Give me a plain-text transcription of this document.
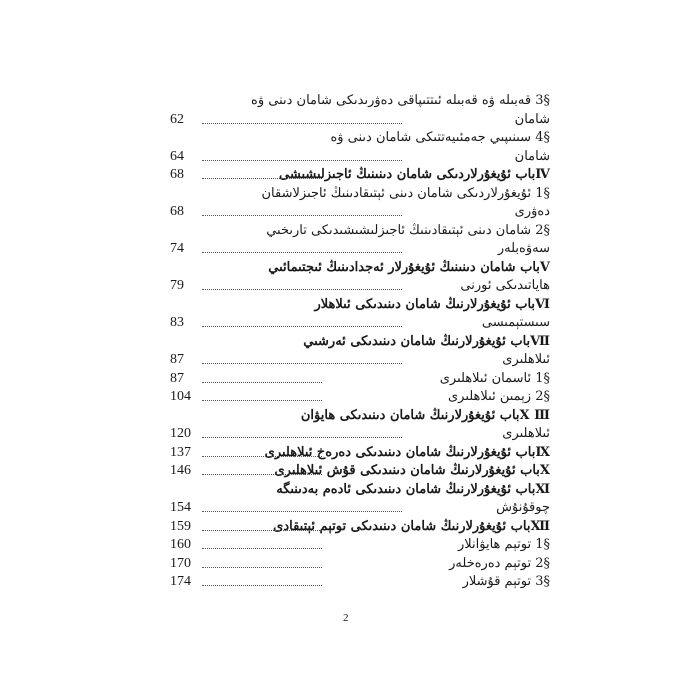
§3 قەبىلە ۋە قەبىلە ئىتتىپاقى دەۋرىدىكى شامان دىنى ۋە
شامان
62
§4 سىنىپىي جەمئىيەتتىكى شامان دىنى ۋە
شامان
64
Ⅳباب ئۇيغۇرلاردىكى شامان دىنىنىڭ ئاجىزلىشىشى
68
§1 ئۇيغۇرلاردىكى شامان دىنى ئېتىقادىنىڭ ئاجىزلاشقان
دەۋرى
68
§2 شامان دىنى ئېتىقادىنىڭ ئاجىزلىشىشىدىكى تارىخىي
سەۋەبلەر
74
Ⅴباب شامان دىنىنىڭ ئۇيغۇرلار ئەجدادىنىڭ ئىجتىمائىي
ھاياتىدىكى ئورنى
79
Ⅵباب ئۇيغۇرلارنىڭ شامان دىنىدىكى ئىلاھلار
سىستېمىسى
83
Ⅶباب ئۇيغۇرلارنىڭ شامان دىنىدىكى ئەرشىي
ئىلاھلىرى
87
§1 ئاسمان ئىلاھلىرى
87
§2 زېمىن ئىلاھلىرى
104
Ⅹ Ⅲباب ئۇيغۇرلارنىڭ شامان دىنىدىكى ھايۋان
ئىلاھلىرى
120
Ⅸباب ئۇيغۇرلارنىڭ شامان دىنىدىكى دەرەخ ئىلاھلىرى
137
Ⅹباب ئۇيغۇرلارنىڭ شامان دىنىدىكى قۇش ئىلاھلىرى
146
Ⅺباب ئۇيغۇرلارنىڭ شامان دىنىدىكى ئادەم بەدىنىگە
چوقۇنۇش
154
Ⅻباب ئۇيغۇرلارنىڭ شامان دىنىدىكى توتېم ئېتىقادى
159
§1 توتېم ھايۋانلار
160
§2 توتېم دەرەخلەر
170
§3 توتېم قۇشلار
174
2
